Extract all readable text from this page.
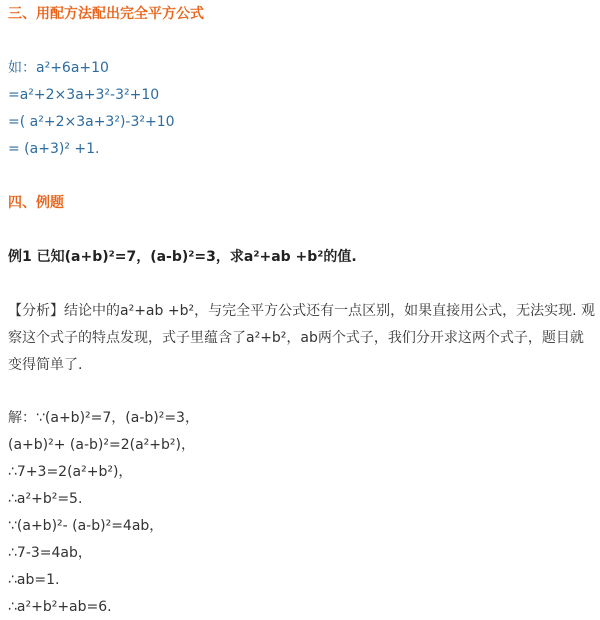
三、用配方法配出完全平方公式
如：a²+6a+10
=a²+2×3a+3²-3²+10
=( a²+2×3a+3²)-3²+10
= (a+3)² +1.
四、例题
例1 已知(a+b)²=7，(a-b)²=3，求a²+ab +b²的值.
【分析】结论中的a²+ab +b²，与完全平方公式还有一点区别，如果直接用公式，无法实现. 观察这个式子的特点发现，式子里蕴含了a²+b²，ab两个式子，我们分开求这两个式子，题目就变得简单了.
解：∵(a+b)²=7，(a-b)²=3，
(a+b)²+ (a-b)²=2(a²+b²)，
∴7+3=2(a²+b²)，
∴a²+b²=5.
∵(a+b)²- (a-b)²=4ab，
∴7-3=4ab，
∴ab=1.
∴a²+b²+ab=6.
